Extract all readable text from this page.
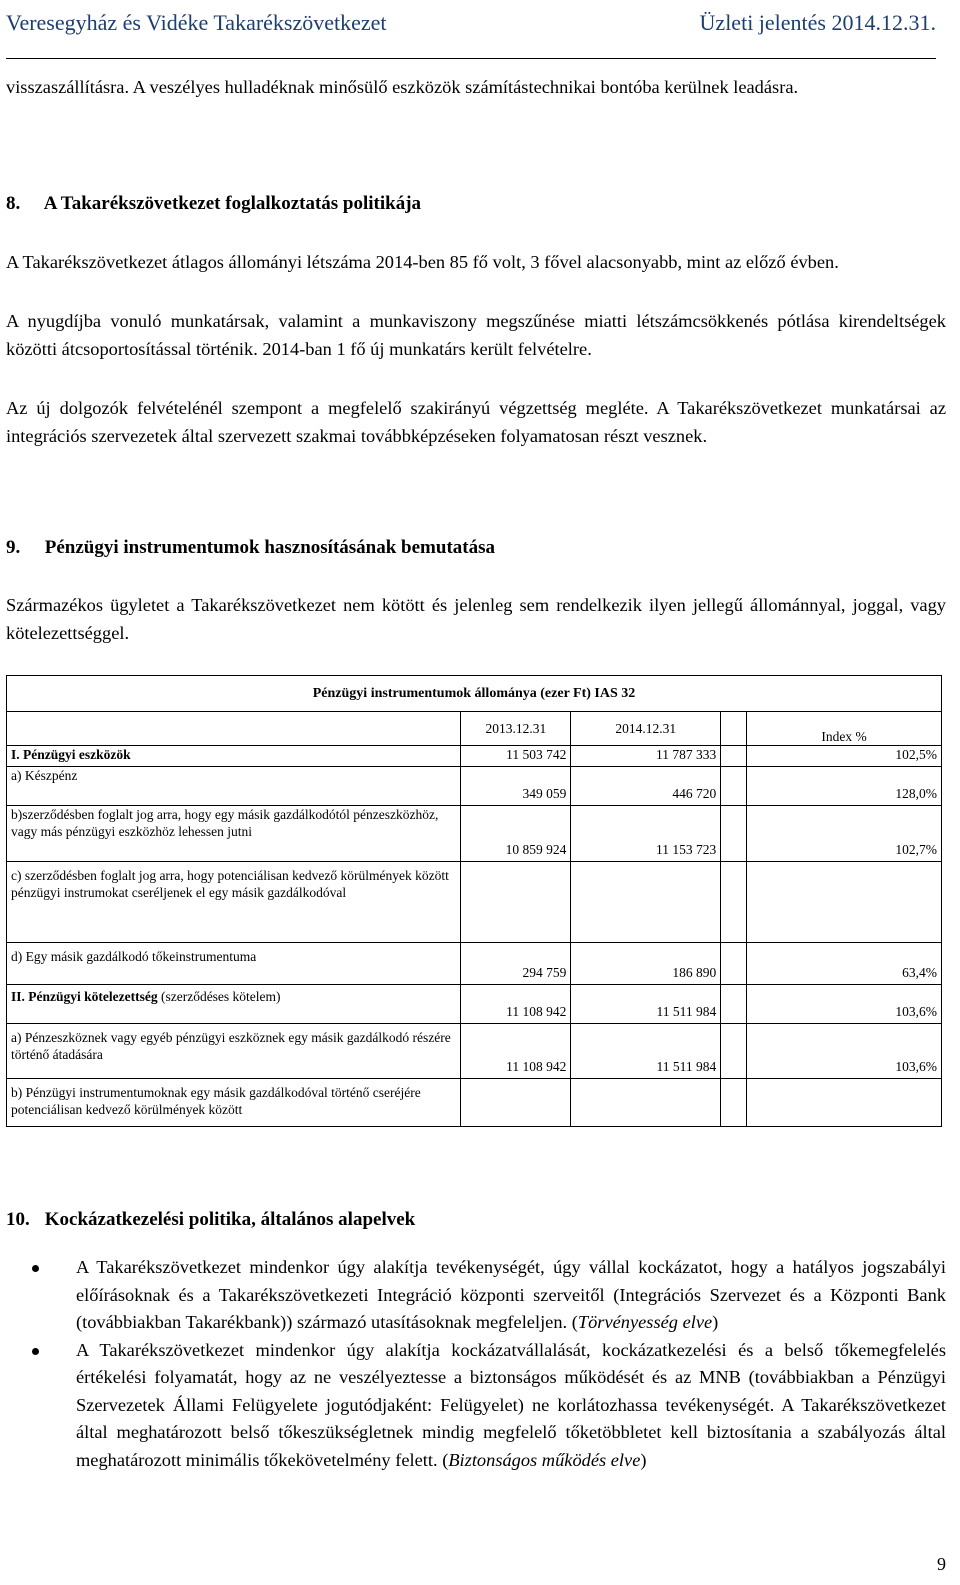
Veresegyház és Vidéke Takarékszövetkezet	Üzleti jelentés 2014.12.31.
visszaszállításra. A veszélyes hulladéknak minősülő eszközök számítástechnikai bontóba kerülnek leadásra.
8. A Takarékszövetkezet foglalkoztatás politikája
A Takarékszövetkezet átlagos állományi létszáma 2014-ben 85 fő volt, 3 fővel alacsonyabb, mint az előző évben.
A nyugdíjba vonuló munkatársak, valamint a munkaviszony megszűnése miatti létszámcsökkenés pótlása kirendeltségek közötti átcsoportosítással történik. 2014-ban 1 fő új munkatárs került felvételre.
Az új dolgozók felvételénél szempont a megfelelő szakirányú végzettség megléte. A Takarékszövetkezet munkatársai az integrációs szervezetek által szervezett szakmai továbbképzéseken folyamatosan részt vesznek.
9. Pénzügyi instrumentumok hasznosításának bemutatása
Származékos ügyletet a Takarékszövetkezet nem kötött és jelenleg sem rendelkezik ilyen jellegű állománnyal, joggal, vagy kötelezettséggel.
Pénzügyi instrumentumok állománya (ezer Ft) IAS 32				
	2013.12.31	2014.12.31		Index %
I. Pénzügyi eszközök	11 503 742	11 787 333		102,5%
a) Készpénz	349 059	446 720		128,0%
b)szerződésben foglalt jog arra, hogy egy másik gazdálkodótól pénzeszközhöz, vagy más pénzügyi eszközhöz lehessen jutni	10 859 924	11 153 723		102,7%
c) szerződésben foglalt jog arra, hogy potenciálisan kedvező körülmények között pénzügyi instrumokat cseréljenek el egy másik gazdálkodóval				
d) Egy másik gazdálkodó tőkeinstrumentuma	294 759	186 890		63,4%
II. Pénzügyi kötelezettség (szerződéses kötelem)	11 108 942	11 511 984		103,6%
a) Pénzeszköznek vagy egyéb pénzügyi eszköznek egy másik gazdálkodó részére történő átadására	11 108 942	11 511 984		103,6%
b) Pénzügyi instrumentumoknak egy másik gazdálkodóval történő cseréjére potenciálisan kedvező körülmények között				
10. Kockázatkezelési politika, általános alapelvek
A Takarékszövetkezet mindenkor úgy alakítja tevékenységét, úgy vállal kockázatot, hogy a hatályos jogszabályi előírásoknak és a Takarékszövetkezeti Integráció központi szerveitől (Integrációs Szervezet és a Központi Bank (továbbiakban Takarékbank)) származó utasításoknak megfeleljen. (Törvényesség elve)
A Takarékszövetkezet mindenkor úgy alakítja kockázatvállalását, kockázatkezelési és a belső tőkemegfelelés értékelési folyamatát, hogy az ne veszélyeztesse a biztonságos működését és az MNB (továbbiakban a Pénzügyi Szervezetek Állami Felügyelete jogutódjaként: Felügyelet) ne korlátozhassa tevékenységét. A Takarékszövetkezet által meghatározott belső tőkeszükségletnek mindig megfelelő tőketöbbletet kell biztosítania a szabályozás által meghatározott minimális tőkekövetelmény felett. (Biztonságos működés elve)
9
